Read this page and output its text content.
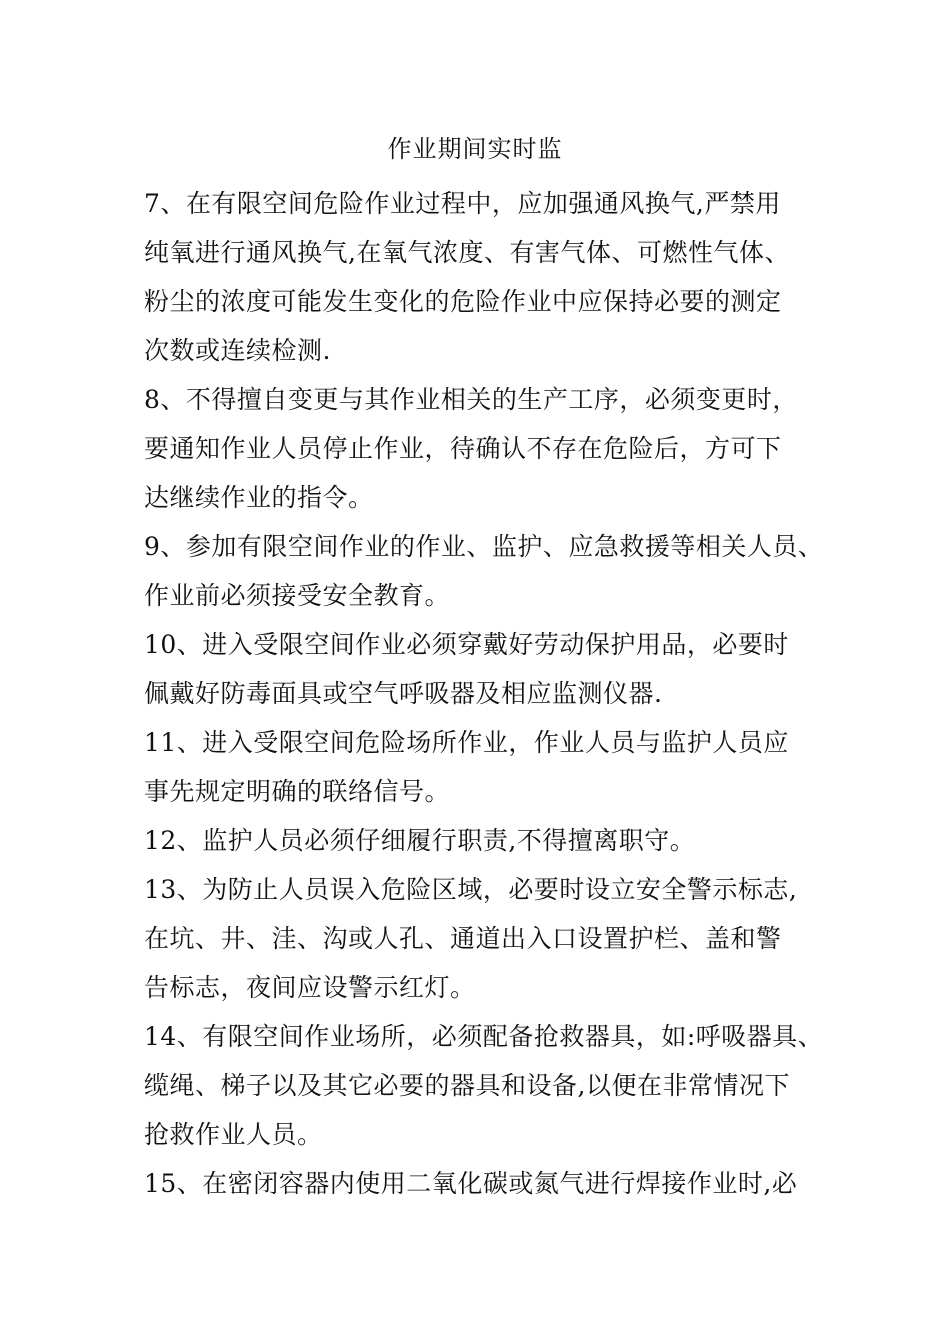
作业期间实时监
7、在有限空间危险作业过程中，应加强通风换气,严禁用
纯氧进行通风换气,在氧气浓度、有害气体、可燃性气体、
粉尘的浓度可能发生变化的危险作业中应保持必要的测定
次数或连续检测.
8、不得擅自变更与其作业相关的生产工序，必须变更时，
要通知作业人员停止作业，待确认不存在危险后，方可下
达继续作业的指令。
9、参加有限空间作业的作业、监护、应急救援等相关人员、
作业前必须接受安全教育。
10、进入受限空间作业必须穿戴好劳动保护用品，必要时
佩戴好防毒面具或空气呼吸器及相应监测仪器.
11、进入受限空间危险场所作业，作业人员与监护人员应
事先规定明确的联络信号。
12、监护人员必须仔细履行职责,不得擅离职守。
13、为防止人员误入危险区域，必要时设立安全警示标志,
在坑、井、洼、沟或人孔、通道出入口设置护栏、盖和警
告标志，夜间应设警示红灯。
14、有限空间作业场所，必须配备抢救器具，如:呼吸器具、
缆绳、梯子以及其它必要的器具和设备,以便在非常情况下
抢救作业人员。
15、在密闭容器内使用二氧化碳或氮气进行焊接作业时,必
